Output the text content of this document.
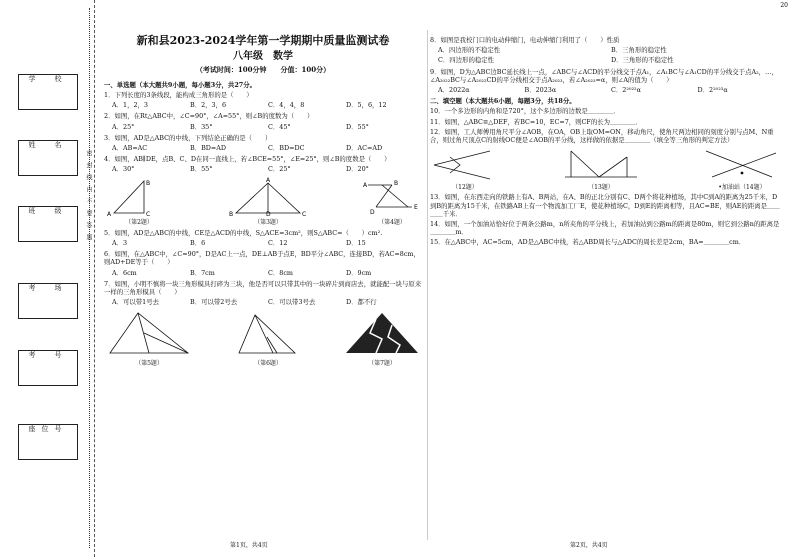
20
密　封　线　内　不　要　答　题
学　校
姓　名
班　级
考　场
考　号
座位号
新和县2023-2024学年第一学期期中质量监测试卷
八年级　数学
（考试时间：100分钟　　分值：100分）
一、单选题（本大题共9小题，每小题3分，共27分。
1．下列长度的3条线段，能构成三角形的是（　　）
A．1，2，3	B．2，3，6	C．4，4，8	D．5，6，12
2．如图，在Rt△ABC中，∠C=90°，∠A=55°，则∠B的度数为（　　）
A．25°	B．35°	C．45°	D．55°
3．如图，AD是△ABC的中线，下列结论正确的是（　　）
A．AB=AC	B．BD=AD	C．BD=DC	D．AC=AD
4．如图，AB∥DE，点B、C、D在同一直线上，若∠BCE=55°，∠E=25°，则∠B的度数是（　　）
A．30°	B．55°	C．25°	D．20°
A
B
C
（第2题）
B
A
C
D
（第3题）
A	B
D
E
（第4题）
5．如图，AD是△ABC的中线，CE是△ACD的中线，S△ACE=3cm²，则S△ABC=（　　）cm².
A．3	B．6	C．12	D．15
6．如图，在△ABC中，∠C=90°，D是AC上一点，DE⊥AB于点E，BD平分∠ABC，连接BD，若AC=8cm，则AD+DE等于（　　）
A．6cm	B．7cm	C．8cm	D．9cm
7．如图，小明不慎将一块三角形模具打碎为三块，他是否可以只带其中的一块碎片到商店去，就能配一块与原来一样的三角形模具（　　）
A．可以带1号去	B．可以带2号去	C．可以带3号去	D．都不行
（第5题）	（第6题）	（第7题）
8．如图是我校门口的电动伸缩门，电动伸缩门利用了（　　）性质
A．四边形的不稳定性	B．三角形的稳定性
C．四边形的稳定性	D．三角形的不稳定性
9．如图，D为△ABC边BC延长线上一点，∠ABC与∠ACD的平分线交于点A₁，∠A₁BC与∠A₁CD的平分线交于点A₂，…，∠A₂₀₂₂BC与∠A₂₀₂₂CD的平分线相交于点A₂₀₂₃，若∠A₂₀₂₃=α，则∠A的值为（　　）
A．2022α	B．2023α	C．2²⁰²²α	D．2²⁰²³α
二、填空题（本大题共6小题，每题3分，共18分。
10．一个多边形的内角和是720°，这个多边形的边数是＿＿＿＿．
11．如图，△ABC≌△DEF，若BC=10，EC=7，则CF的长为＿＿＿＿．
12．如图，工人师傅用角尺平分∠AOB，在OA，OB上取OM=ON，移动角尺，使角尺两边相同的刻度分别与点M、N重合，则过角尺顶点C的射线OC便是∠AOB的平分线，这样做的依据是＿＿＿＿（填全等三角形的判定方法）
（12题）	（13题）	•加油站（14题）
13．如图，在东西走向的铁路上有A、B两站，在A、B的正北分别有C、D两个将花种植场，其中C到A的距离为25千米，D到B的距离为15千米，在铁路AB上有一个物流加工厂E，使花种植场C，D到E的距离相等，且AC=BE，则AE的距离是＿＿＿＿千米．
14．如图，一个加油站恰好位于两条公路m，n所夹角的平分线上，若加油站到公路m的距离是80m，则它到公路n的距离是＿＿＿＿m．
15．在△ABC中，AC=5cm，AD是△ABC中线，若△ABD周长与△ADC的周长差是2cm，BA=＿＿＿＿cm．
第1页，共4页	第2页，共4页
